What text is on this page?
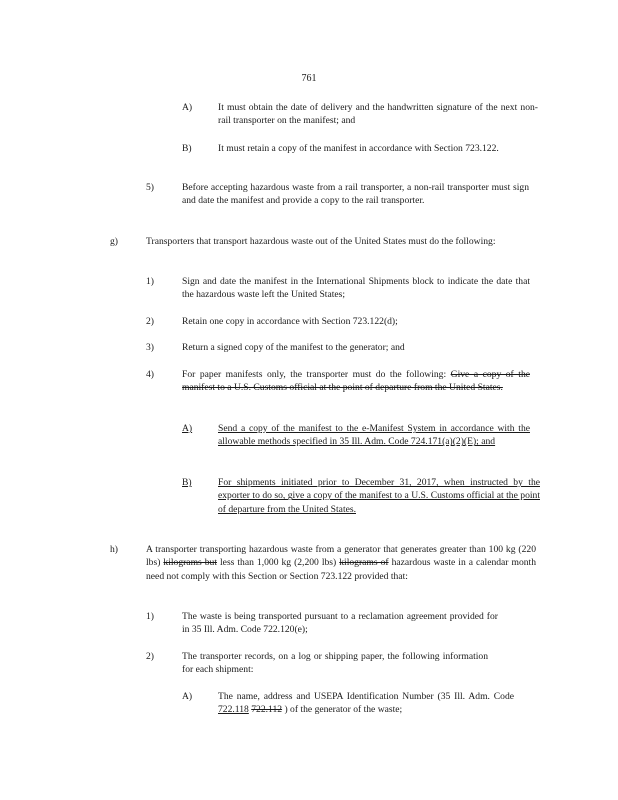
761
A)	It must obtain the date of delivery and the handwritten signature of the next non-rail transporter on the manifest; and
B)	It must retain a copy of the manifest in accordance with Section 723.122.
5)	Before accepting hazardous waste from a rail transporter, a non-rail transporter must sign and date the manifest and provide a copy to the rail transporter.
g)	Transporters that transport hazardous waste out of the United States must do the following:
1)	Sign and date the manifest in the International Shipments block to indicate the date that the hazardous waste left the United States;
2)	Retain one copy in accordance with Section 723.122(d);
3)	Return a signed copy of the manifest to the generator; and
4)	For paper manifests only, the transporter must do the following: Give a copy of the manifest to a U.S. Customs official at the point of departure from the United States.
A)	Send a copy of the manifest to the e-Manifest System in accordance with the allowable methods specified in 35 Ill. Adm. Code 724.171(a)(2)(E); and
B)	For shipments initiated prior to December 31, 2017, when instructed by the exporter to do so, give a copy of the manifest to a U.S. Customs official at the point of departure from the United States.
h)	A transporter transporting hazardous waste from a generator that generates greater than 100 kg (220 lbs) kilograms but less than 1,000 kg (2,200 lbs) kilograms of hazardous waste in a calendar month need not comply with this Section or Section 723.122 provided that:
1)	The waste is being transported pursuant to a reclamation agreement provided for in 35 Ill. Adm. Code 722.120(e);
2)	The transporter records, on a log or shipping paper, the following information for each shipment:
A)	The name, address and USEPA Identification Number (35 Ill. Adm. Code 722.118 722.112 ) of the generator of the waste;
